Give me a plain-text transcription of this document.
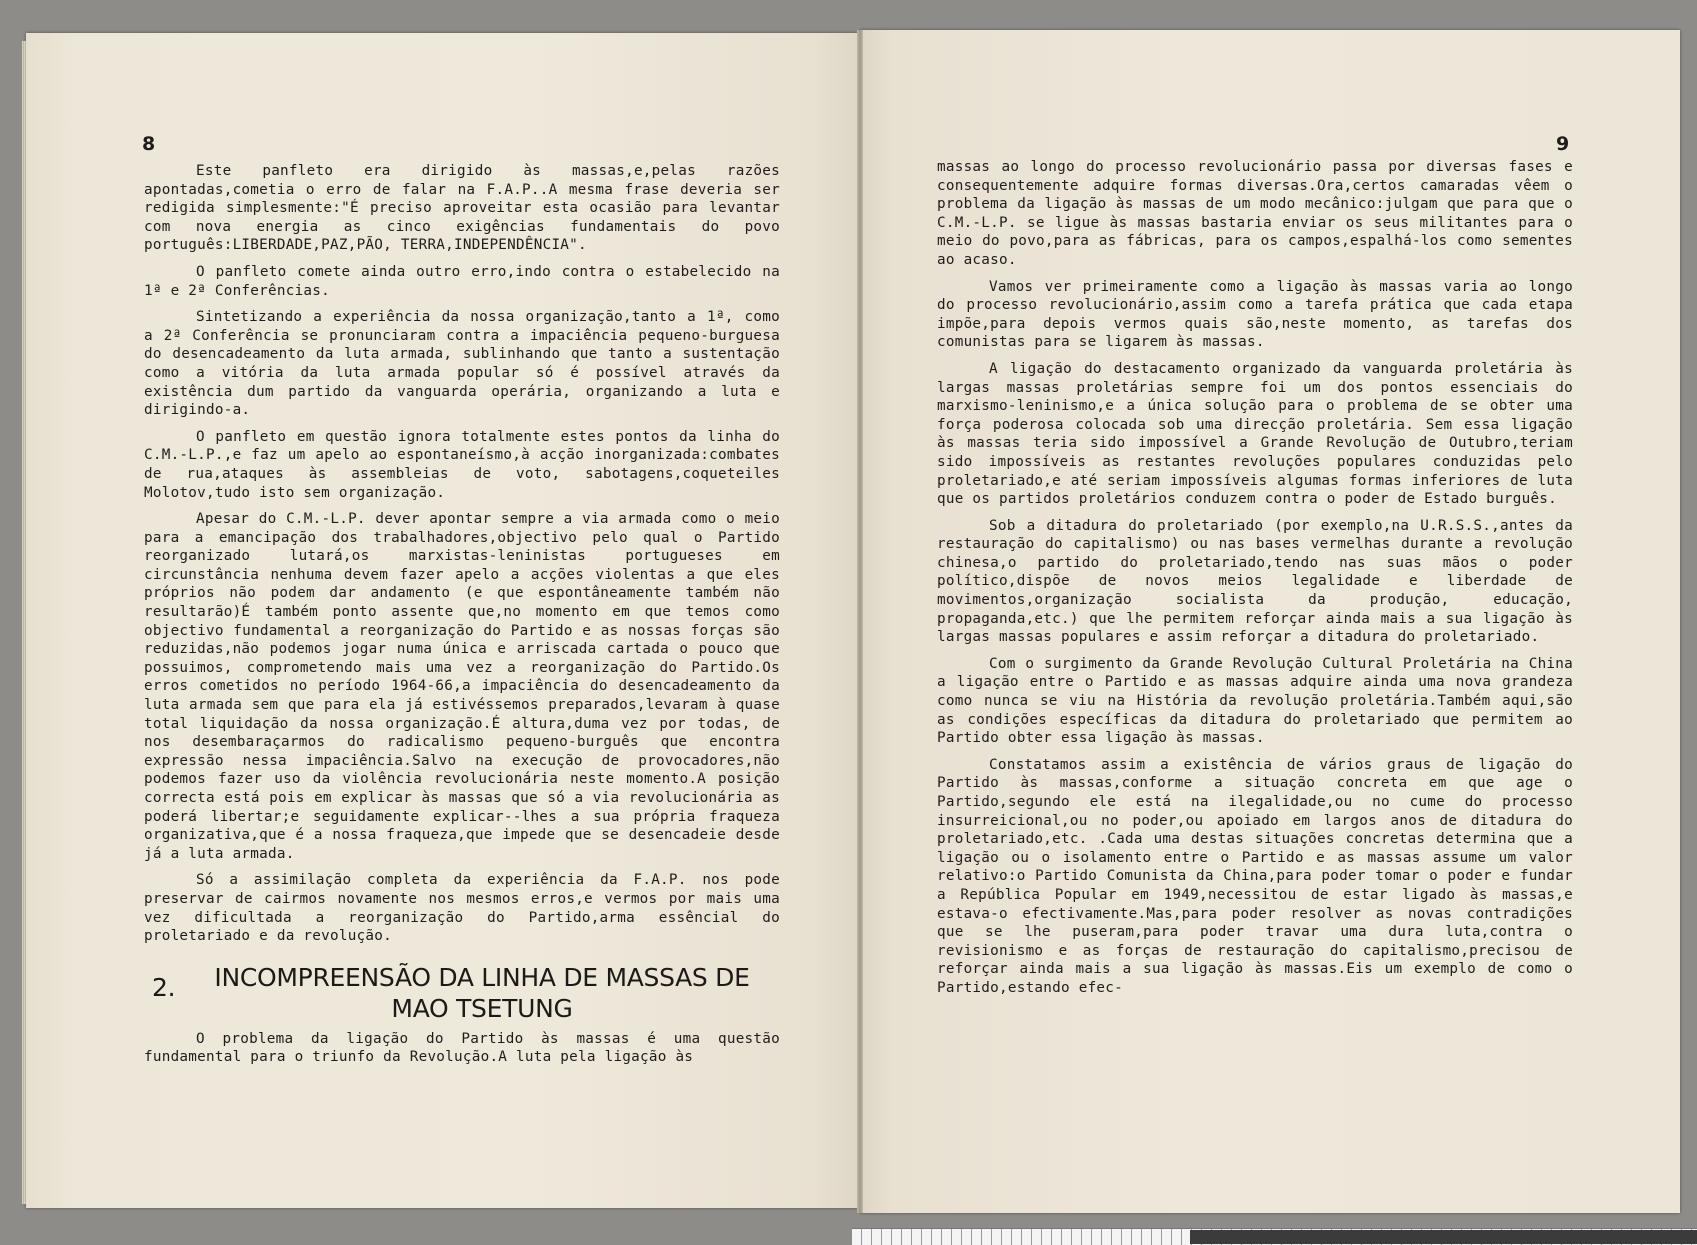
8	9

Este panfleto era dirigido às massas,e,pelas razões apontadas,cometia o erro de falar na F.A.P..A mesma frase deveria ser redigida simplesmente:"É preciso aproveitar esta ocasião para levantar com nova energia as cinco exigências fundamentais do povo português:LIBERDADE,PAZ,PÃO, TERRA,INDEPENDÊNCIA".

O panfleto comete ainda outro erro,indo contra o estabelecido na 1ª e 2ª Conferências.

Sintetizando a experiência da nossa organização,tanto a 1ª, como a 2ª Conferência se pronunciaram contra a impaciência pequeno-burguesa do desencadeamento da luta armada, sublinhando que tanto a sustentação como a vitória da luta armada popular só é possível através da existência dum partido da vanguarda operária, organizando a luta e dirigindo-a.

O panfleto em questão ignora totalmente estes pontos da linha do C.M.-L.P.,e faz um apelo ao espontaneísmo,à acção inorganizada:combates de rua,ataques às assembleias de voto, sabotagens,coqueteiles Molotov,tudo isto sem organização.

Apesar do C.M.-L.P. dever apontar sempre a via armada como o meio para a emancipação dos trabalhadores,objectivo pelo qual o Partido reorganizado lutará,os marxistas-leninistas portugueses em circunstância nenhuma devem fazer apelo a acções violentas a que eles próprios não podem dar andamento (e que espontâneamente também não resultarão)É também ponto assente que,no momento em que temos como objectivo fundamental a reorganização do Partido e as nossas forças são reduzidas,não podemos jogar numa única e arriscada cartada o pouco que possuimos, comprometendo mais uma vez a reorganização do Partido.Os erros cometidos no período 1964-66,a impaciência do desencadeamento da luta armada sem que para ela já estivéssemos preparados,levaram à quase total liquidação da nossa organização.É altura,duma vez por todas, de nos desembaraçarmos do radicalismo pequeno-burguês que encontra expressão nessa impaciência.Salvo na execução de provocadores,não podemos fazer uso da violência revolucionária neste momento.A posição correcta está pois em explicar às massas que só a via revolucionária as poderá libertar;e seguidamente explicar--lhes a sua própria fraqueza organizativa,que é a nossa fraqueza,que impede que se desencadeie desde já a luta armada.

Só a assimilação completa da experiência da F.A.P. nos pode preservar de cairmos novamente nos mesmos erros,e vermos por mais uma vez dificultada a reorganização do Partido,arma essêncial do proletariado e da revolução.

2.	INCOMPREENSÃO DA LINHA DE MASSAS DE MAO TSETUNG

O problema da ligação do Partido às massas é uma questão fundamental para o triunfo da Revolução.A luta pela ligação às

massas ao longo do processo revolucionário passa por diversas fases e consequentemente adquire formas diversas.Ora,certos camaradas vêem o problema da ligação às massas de um modo mecânico:julgam que para que o C.M.-L.P. se ligue às massas bastaria enviar os seus militantes para o meio do povo,para as fábricas, para os campos,espalhá-los como sementes ao acaso.

Vamos ver primeiramente como a ligação às massas varia ao longo do processo revolucionário,assim como a tarefa prática que cada etapa impõe,para depois vermos quais são,neste momento, as tarefas dos comunistas para se ligarem às massas.

A ligação do destacamento organizado da vanguarda proletária às largas massas proletárias sempre foi um dos pontos essenciais do marxismo-leninismo,e a única solução para o problema de se obter uma força poderosa colocada sob uma direcção proletária. Sem essa ligação às massas teria sido impossível a Grande Revolução de Outubro,teriam sido impossíveis as restantes revoluções populares conduzidas pelo proletariado,e até seriam impossíveis algumas formas inferiores de luta que os partidos proletários conduzem contra o poder de Estado burguês.

Sob a ditadura do proletariado (por exemplo,na U.R.S.S.,antes da restauração do capitalismo) ou nas bases vermelhas durante a revolução chinesa,o partido do proletariado,tendo nas suas mãos o poder político,dispõe de novos meios legalidade e liberdade de movimentos,organização socialista da produção, educação, propaganda,etc.) que lhe permitem reforçar ainda mais a sua ligação às largas massas populares e assim reforçar a ditadura do proletariado.

Com o surgimento da Grande Revolução Cultural Proletária na China a ligação entre o Partido e as massas adquire ainda uma nova grandeza como nunca se viu na História da revolução proletária.Também aqui,são as condições específicas da ditadura do proletariado que permitem ao Partido obter essa ligação às massas.

Constatamos assim a existência de vários graus de ligação do Partido às massas,conforme a situação concreta em que age o Partido,segundo ele está na ilegalidade,ou no cume do processo insurreicional,ou no poder,ou apoiado em largos anos de ditadura do proletariado,etc. .Cada uma destas situações concretas determina que a ligação ou o isolamento entre o Partido e as massas assume um valor relativo:o Partido Comunista da China,para poder tomar o poder e fundar a República Popular em 1949,necessitou de estar ligado às massas,e estava-o efectivamente.Mas,para poder resolver as novas contradições que se lhe puseram,para poder travar uma dura luta,contra o revisionismo e as forças de restauração do capitalismo,precisou de reforçar ainda mais a sua ligação às massas.Eis um exemplo de como o Partido,estando efec-
